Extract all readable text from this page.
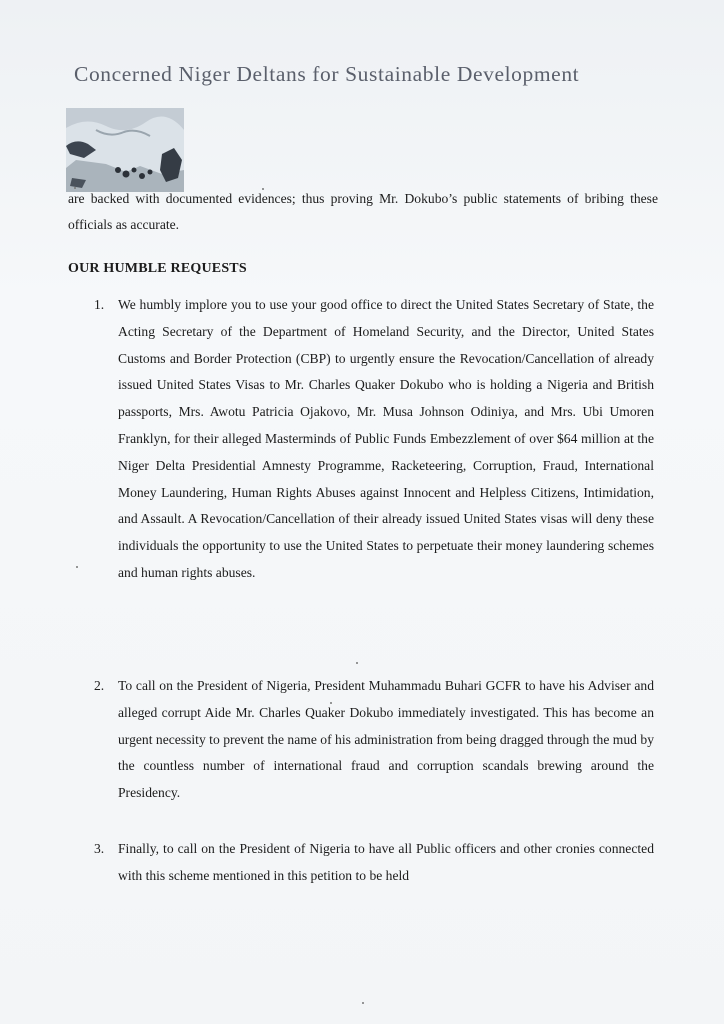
Concerned Niger Deltans for Sustainable Development
are backed with documented evidences; thus proving Mr. Dokubo’s public statements of bribing these officials as accurate.
OUR HUMBLE REQUESTS
1.	We humbly implore you to use your good office to direct the United States Secretary of State, the Acting Secretary of the Department of Homeland Security, and the Director, United States Customs and Border Protection (CBP) to urgently ensure the Revocation/Cancellation of already issued United States Visas to Mr. Charles Quaker Dokubo who is holding a Nigeria and British passports, Mrs. Awotu Patricia Ojakovo, Mr. Musa Johnson Odiniya, and Mrs. Ubi Umoren Franklyn, for their alleged Masterminds of Public Funds Embezzlement of over $64 million at the Niger Delta Presidential Amnesty Programme, Racketeering, Corruption, Fraud, International Money Laundering, Human Rights Abuses against Innocent and Helpless Citizens, Intimidation, and Assault. A Revocation/Cancellation of their already issued United States visas will deny these individuals the opportunity to use the United States to perpetuate their money laundering schemes and human rights abuses.
2.	To call on the President of Nigeria, President Muhammadu Buhari GCFR to have his Adviser and alleged corrupt Aide Mr. Charles Quaker Dokubo immediately investigated. This has become an urgent necessity to prevent the name of his administration from being dragged through the mud by the countless number of international fraud and corruption scandals brewing around the Presidency.
3.	Finally, to call on the President of Nigeria to have all Public officers and other cronies connected with this scheme mentioned in this petition to be held
